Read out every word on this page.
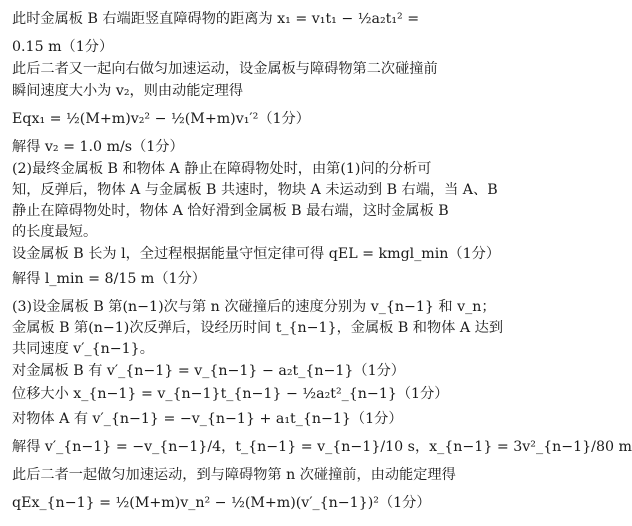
此时金属板 B 右端距竖直障碍物的距离为 x₁ = v₁t₁ − ½a₂t₁² =
0.15 m（1分）
此后二者又一起向右做匀加速运动，设金属板与障碍物第二次碰撞前
瞬间速度大小为 v₂，则由动能定理得
Eqx₁ = ½(M+m)v₂² − ½(M+m)v₁′²（1分）
解得 v₂ = 1.0 m/s（1分）
(2)最终金属板 B 和物体 A 静止在障碍物处时，由第(1)问的分析可
知，反弹后，物体 A 与金属板 B 共速时，物块 A 未运动到 B 右端，当 A、B
静止在障碍物处时，物体 A 恰好滑到金属板 B 最右端，这时金属板 B
的长度最短。
设金属板 B 长为 l，全过程根据能量守恒定律可得 qEL = kmgl_min（1分）
解得 l_min = 8/15 m（1分）
(3)设金属板 B 第(n−1)次与第 n 次碰撞后的速度分别为 v_{n−1} 和 v_n；
金属板 B 第(n−1)次反弹后，设经历时间 t_{n−1}，金属板 B 和物体 A 达到
共同速度 v′_{n−1}。
对金属板 B 有 v′_{n−1} = v_{n−1} − a₂t_{n−1}（1分）
位移大小 x_{n−1} = v_{n−1}t_{n−1} − ½a₂t²_{n−1}（1分）
对物体 A 有 v′_{n−1} = −v_{n−1} + a₁t_{n−1}（1分）
解得 v′_{n−1} = −v_{n−1}/4，t_{n−1} = v_{n−1}/10 s，x_{n−1} = 3v²_{n−1}/80 m
此后二者一起做匀加速运动，到与障碍物第 n 次碰撞前，由动能定理得
qEx_{n−1} = ½(M+m)v_n² − ½(M+m)(v′_{n−1})²（1分）
